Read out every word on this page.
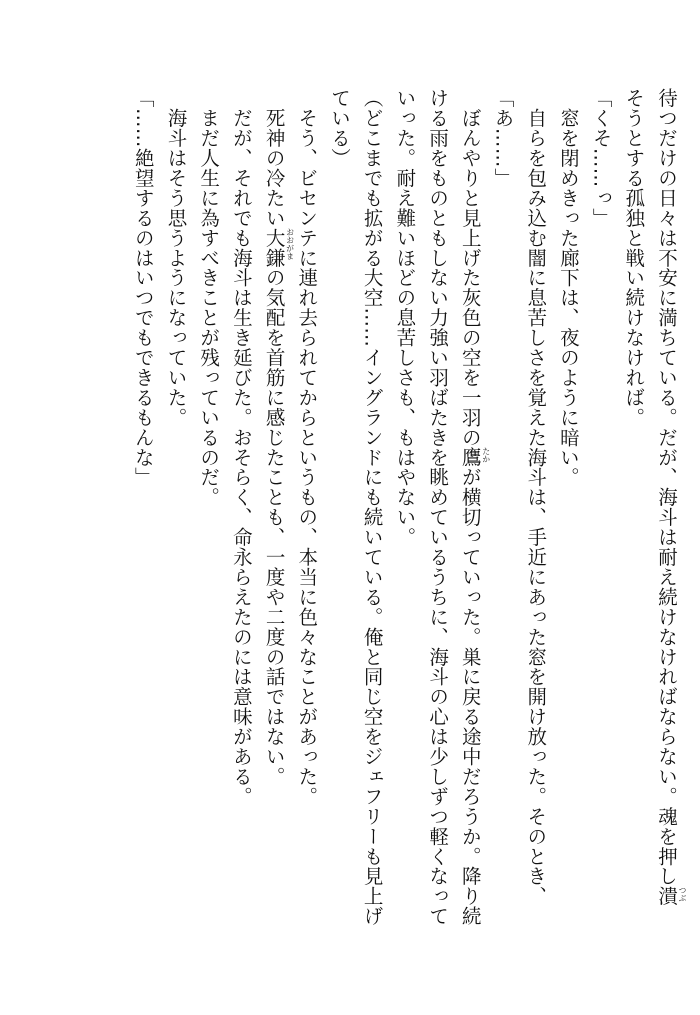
待つだけの日々は不安に満ちている。だが、海斗は耐え続けなければならない。魂を押し潰 つぶ
そうとする孤独と戦い続けなければ。
「くそ……っ」
　窓を閉めきった廊下は、夜のように暗い。
　自らを包み込む闇に息苦しさを覚えた海斗は、手近にあった窓を開け放った。そのとき、
「あ……」
　ぼんやりと見上げた灰色の空を一羽の鷹 たか
が横切っていった。巣に戻る途中だろうか。降り続
ける雨をものともしない力強い羽ばたきを眺めているうちに、海斗の心は少しずつ軽くなって
いった。耐え難いほどの息苦しさも、もはやない。
（どこまでも拡がる大空……イングランドにも続いている。俺と同じ空をジェフリーも見上げ
ている）
　そう、ビセンテに連れ去られてからというもの、本当に色々なことがあった。
　死神の冷たい大鎌 おおがま
の気配を首筋に感じたことも、一度や二度の話ではない。
　だが、それでも海斗は生き延びた。おそらく、命永らえたのには意味がある。
　まだ人生に為すべきことが残っているのだ。
　海斗はそう思うようになっていた。
「……絶望するのはいつでもできるもんな」
